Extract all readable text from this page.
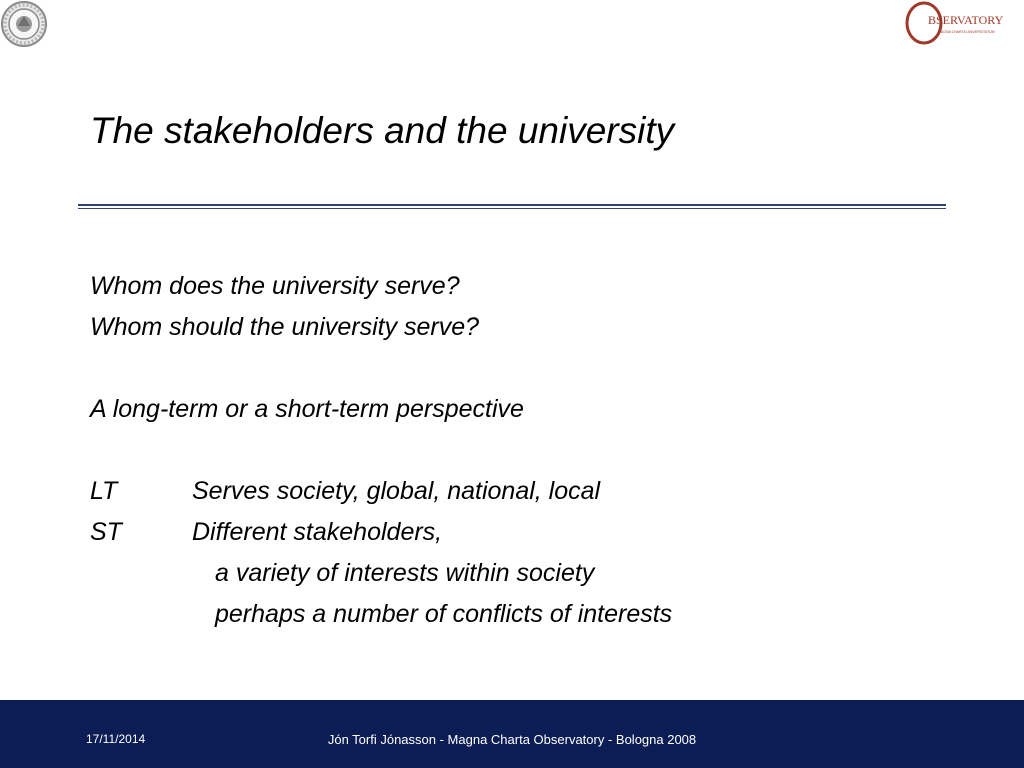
BSERVATORY
MAGNA CHARTA UNIVERSITATUM
The stakeholders and the university
Whom does the university serve?
Whom should the university serve?
A long-term or a short-term perspective
LT	Serves society, global, national, local
ST	Different stakeholders,
a variety of interests within society
perhaps a number of conflicts of interests
Jón Torfi Jónasson - Magna Charta Observatory - Bologna 2008
17/11/2014
